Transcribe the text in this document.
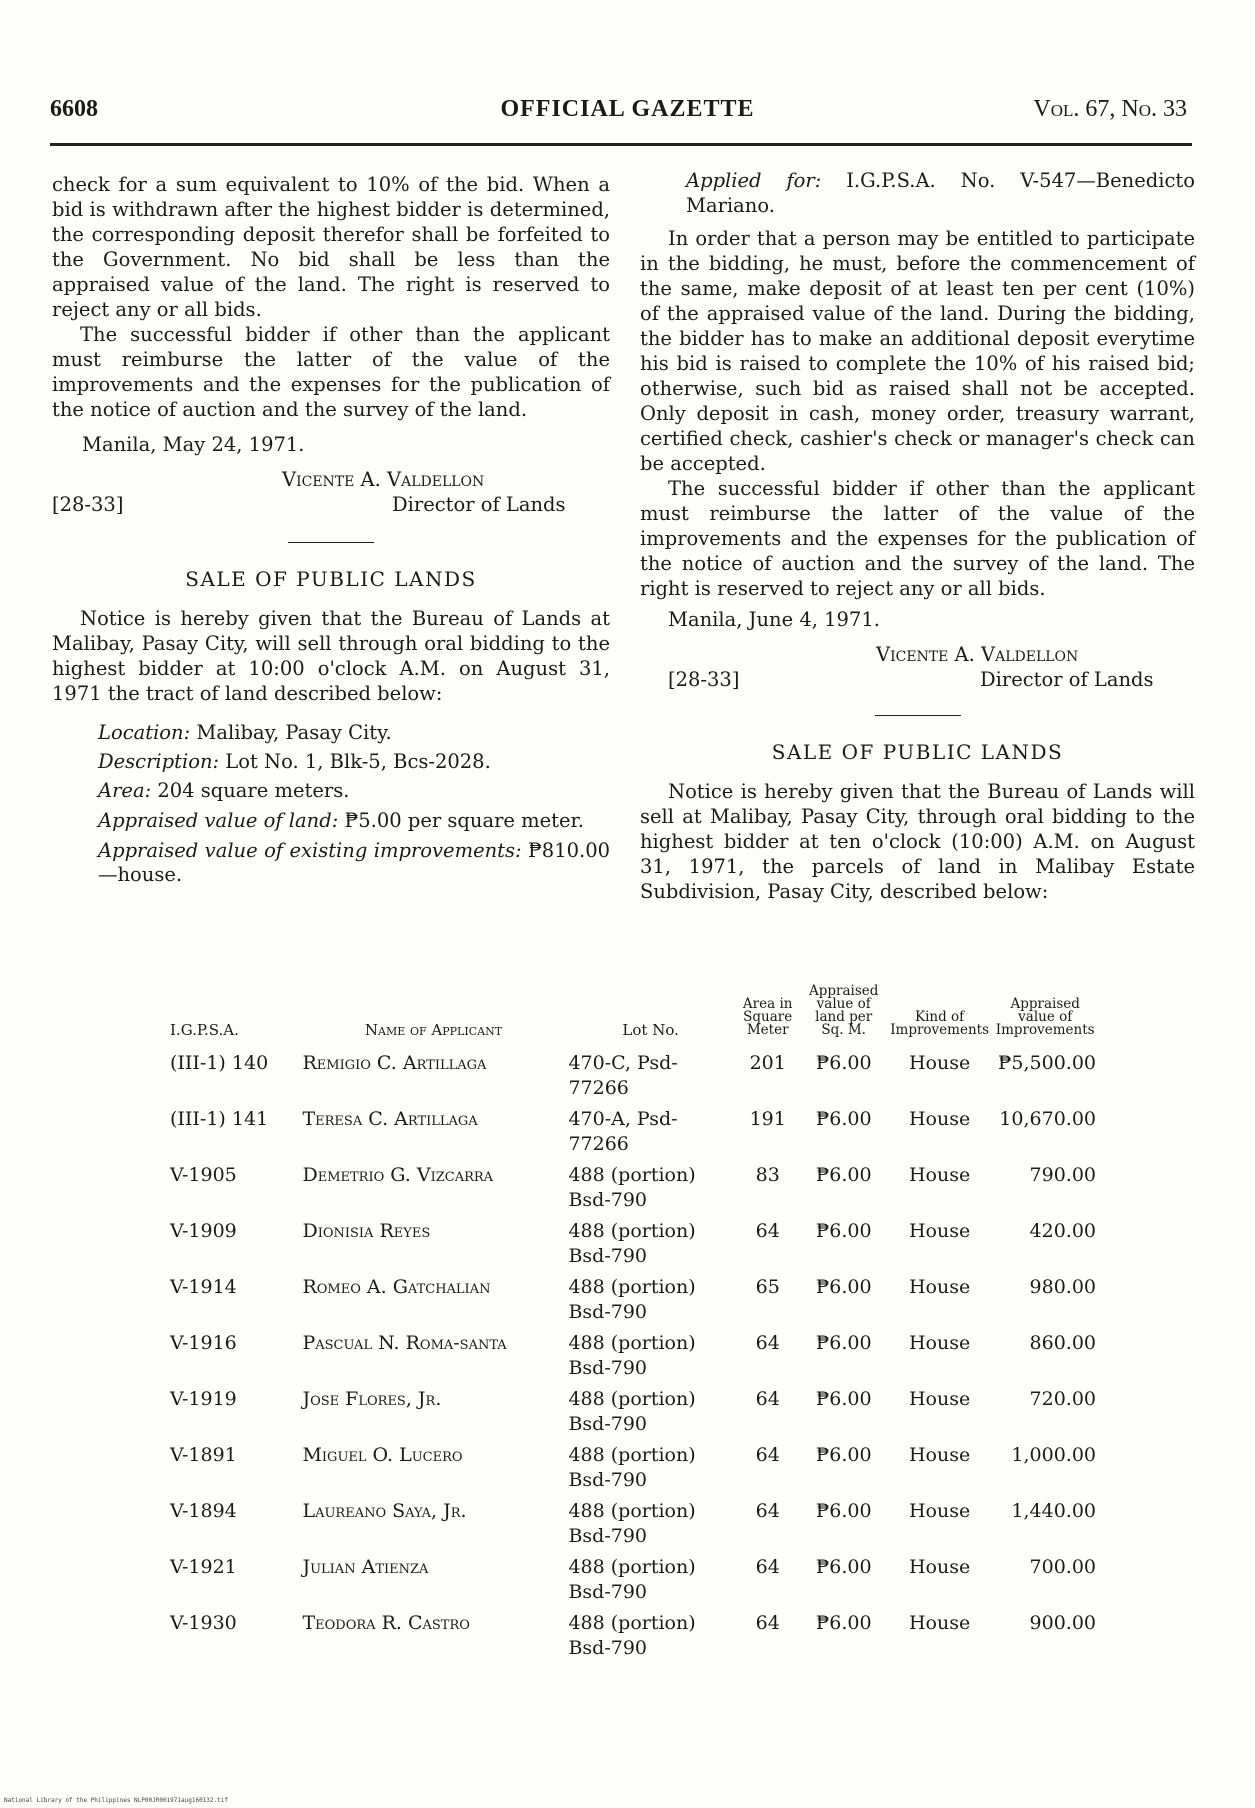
6608	OFFICIAL GAZETTE	Vol. 67, No. 33

check for a sum equivalent to 10% of the bid. When a bid is withdrawn after the highest bidder is determined, the corresponding deposit therefor shall be forfeited to the Government. No bid shall be less than the appraised value of the land. The right is reserved to reject any or all bids.

The successful bidder if other than the applicant must reimburse the latter of the value of the improvements and the expenses for the publication of the notice of auction and the survey of the land.

Manila, May 24, 1971.

Vicente A. Valdellon

[28-33]	Director of Lands

SALE OF PUBLIC LANDS

Notice is hereby given that the Bureau of Lands at Malibay, Pasay City, will sell through oral bidding to the highest bidder at 10:00 o'clock A.M. on August 31, 1971 the tract of land described below:

Location: Malibay, Pasay City.
Description: Lot No. 1, Blk-5, Bcs-2028.
Area: 204 square meters.
Appraised value of land: ₱5.00 per square meter.
Appraised value of existing improvements: ₱810.00—house.

Applied for: I.G.P.S.A. No. V-547—Benedicto Mariano.

In order that a person may be entitled to participate in the bidding, he must, before the commencement of the same, make deposit of at least ten per cent (10%) of the appraised value of the land. During the bidding, the bidder has to make an additional deposit everytime his bid is raised to complete the 10% of his raised bid; otherwise, such bid as raised shall not be accepted. Only deposit in cash, money order, treasury warrant, certified check, cashier's check or manager's check can be accepted.

The successful bidder if other than the applicant must reimburse the latter of the value of the improvements and the expenses for the publication of the notice of auction and the survey of the land. The right is reserved to reject any or all bids.

Manila, June 4, 1971.

Vicente A. Valdellon

[28-33]	Director of Lands

SALE OF PUBLIC LANDS

Notice is hereby given that the Bureau of Lands will sell at Malibay, Pasay City, through oral bidding to the highest bidder at ten o'clock (10:00) A.M. on August 31, 1971, the parcels of land in Malibay Estate Subdivision, Pasay City, described below:

I.G.P.S.A.	Name of Applicant	Lot No.	Area in Square Meter	Appraised value of land per Sq. M.	Kind of Improvements	Appraised value of Improvements
(III-1) 140	Remigio C. Artillaga	470-C, Psd-77266	201	₱6.00	House	₱5,500.00
(III-1) 141	Teresa C. Artillaga	470-A, Psd-77266	191	₱6.00	House	10,670.00
V-1905	Demetrio G. Vizcarra	488 (portion) Bsd-790	83	₱6.00	House	790.00
V-1909	Dionisia Reyes	488 (portion) Bsd-790	64	₱6.00	House	420.00
V-1914	Romeo A. Gatchalian	488 (portion) Bsd-790	65	₱6.00	House	980.00
V-1916	Pascual N. Roma-santa	488 (portion) Bsd-790	64	₱6.00	House	860.00
V-1919	Jose Flores, Jr.	488 (portion) Bsd-790	64	₱6.00	House	720.00
V-1891	Miguel O. Lucero	488 (portion) Bsd-790	64	₱6.00	House	1,000.00
V-1894	Laureano Saya, Jr.	488 (portion) Bsd-790	64	₱6.00	House	1,440.00
V-1921	Julian Atienza	488 (portion) Bsd-790	64	₱6.00	House	700.00
V-1930	Teodora R. Castro	488 (portion) Bsd-790	64	₱6.00	House	900.00
National Library of the Philippines NLP00JR001971aug160132.tif
